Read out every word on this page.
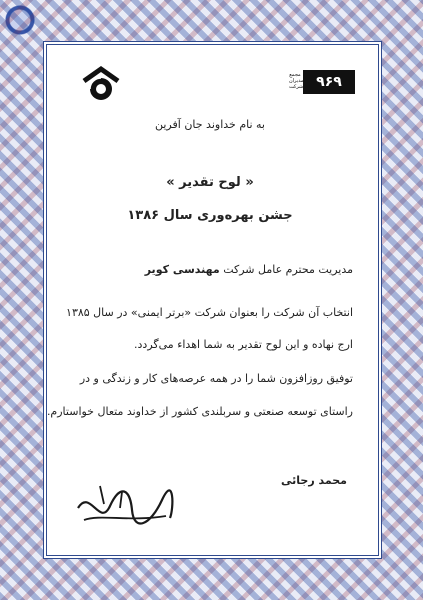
۹۶۹
مجمع مدیران شرکت
به نام خداوند جان آفرین
« لوح تقدیر »
جشن بهره‌وری سال ۱۳۸۶
مدیریت محترم عامل شرکت مهندسی کویر
انتخاب آن شرکت را بعنوان شرکت «برتر ایمنی» در سال ۱۳۸۵
ارج نهاده و این لوح تقدیر به شما اهداء می‌گردد.
توفیق روزافزون شما را در همه عرصه‌های کار و زندگی و در
راستای توسعه صنعتی و سربلندی کشور از خداوند متعال خواستارم.
محمد رجائی
